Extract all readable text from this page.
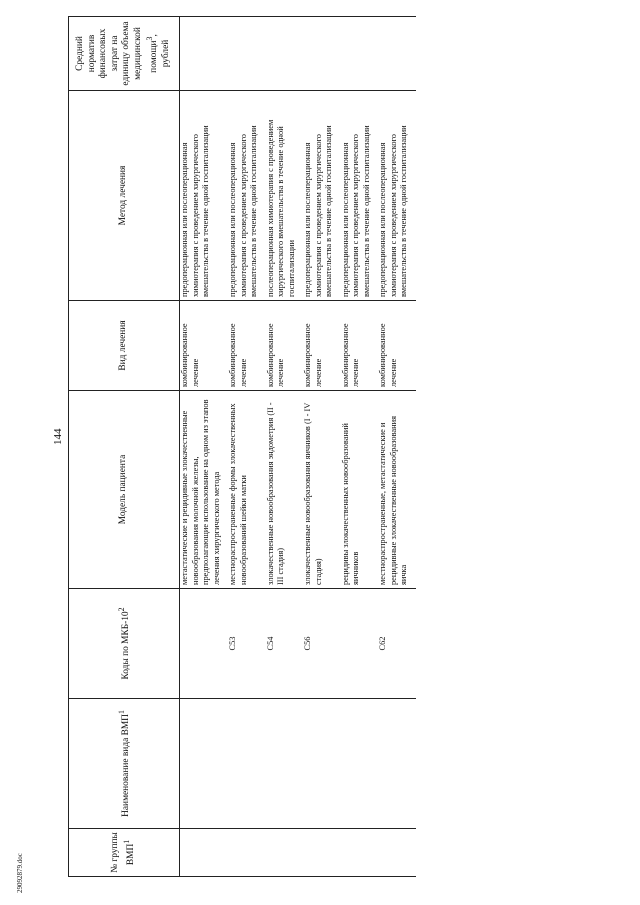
144
29092879.doc
№ группы ВМП$^1$	Наименование вида ВМП$^1$	Коды по МКБ-$10^2$	Модель пациента	Вид лечения	Метод лечения	Средний норматив финансовых затрат на единицу объема медицинской помощи$^3$, рублей
			метастатические и рецидивные злокачественные новообразования молочной железы, предполагающие использование на одном из этапов лечения хирургического метода	комбинированное лечение	предоперационная или послеоперационная химиотерапия с проведением хирургического вмешательства в течение одной госпитализации	
		C53	местнораспространенные формы злокачественных новообразований шейки матки	комбинированное лечение	предоперационная или послеоперационная химиотерапия с проведением хирургического вмешательства в течение одной госпитализации	
		C54	злокачественные новообразования эндометрия (II - III стадия)	комбинированное лечение	послеоперационная химиотерапия с проведением хирургического вмешательства в течение одной госпитализации	
		C56	злокачественные новообразования яичников (I - IV стадия)	комбинированное лечение	предоперационная или послеоперационная химиотерапия с проведением хирургического вмешательства в течение одной госпитализации	
			рецидивы злокачественных новообразований яичников	комбинированное лечение	предоперационная или послеоперационная химиотерапия с проведением хирургического вмешательства в течение одной госпитализации	
		C62	местнораспространенные, метастатические и рецидивные злокачественные новообразования яичка	комбинированное лечение	предоперационная или послеоперационная химиотерапия с проведением хирургического вмешательства в течение одной госпитализации	
